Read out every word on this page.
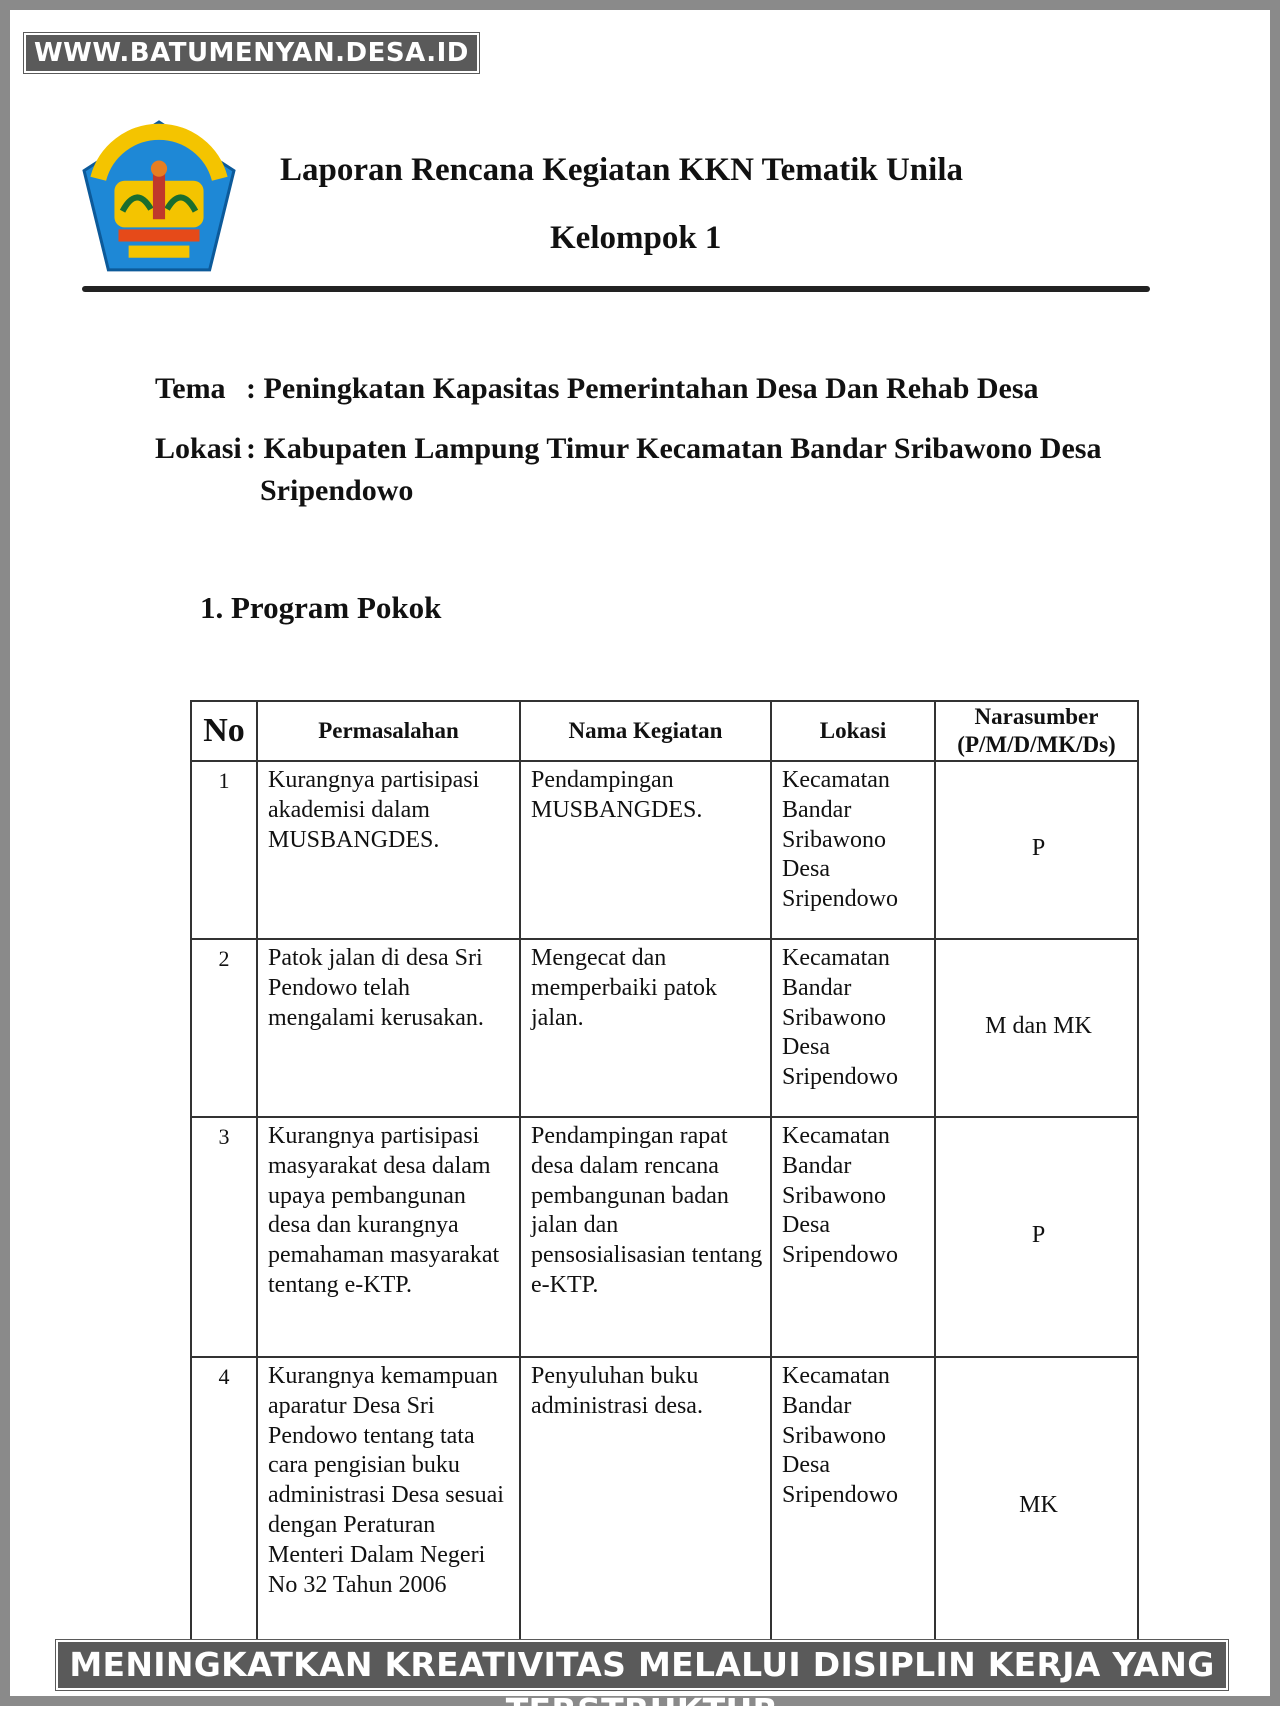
WWW.BATUMENYAN.DESA.ID
Laporan Rencana Kegiatan KKN Tematik Unila
Kelompok 1
Tema : Peningkatan Kapasitas Pemerintahan Desa Dan Rehab Desa
Lokasi : Kabupaten Lampung Timur Kecamatan Bandar Sribawono Desa
Sripendowo
1. Program Pokok
No	Permasalahan	Nama Kegiatan	Lokasi	Narasumber
(P/M/D/MK/Ds)

1	Kurangnya partisipasi akademisi dalam MUSBANGDES.	Pendampingan MUSBANGDES.	Kecamatan Bandar Sribawono Desa Sripendowo	P
2	Patok jalan di desa Sri Pendowo telah mengalami kerusakan.	Mengecat dan memperbaiki patok jalan.	Kecamatan Bandar Sribawono Desa Sripendowo	M dan MK
3	Kurangnya partisipasi masyarakat desa dalam upaya pembangunan desa dan kurangnya pemahaman masyarakat tentang e-KTP.	Pendampingan rapat desa dalam rencana pembangunan badan jalan dan pensosialisasian tentang e-KTP.	Kecamatan Bandar Sribawono Desa Sripendowo	P
4	Kurangnya kemampuan aparatur Desa Sri Pendowo tentang tata cara pengisian buku administrasi Desa sesuai dengan Peraturan Menteri Dalam Negeri No 32 Tahun 2006	Penyuluhan buku administrasi desa.	Kecamatan Bandar Sribawono Desa Sripendowo	MK
MENINGKATKAN KREATIVITAS MELALUI DISIPLIN KERJA YANG TERSTRUKTUR
